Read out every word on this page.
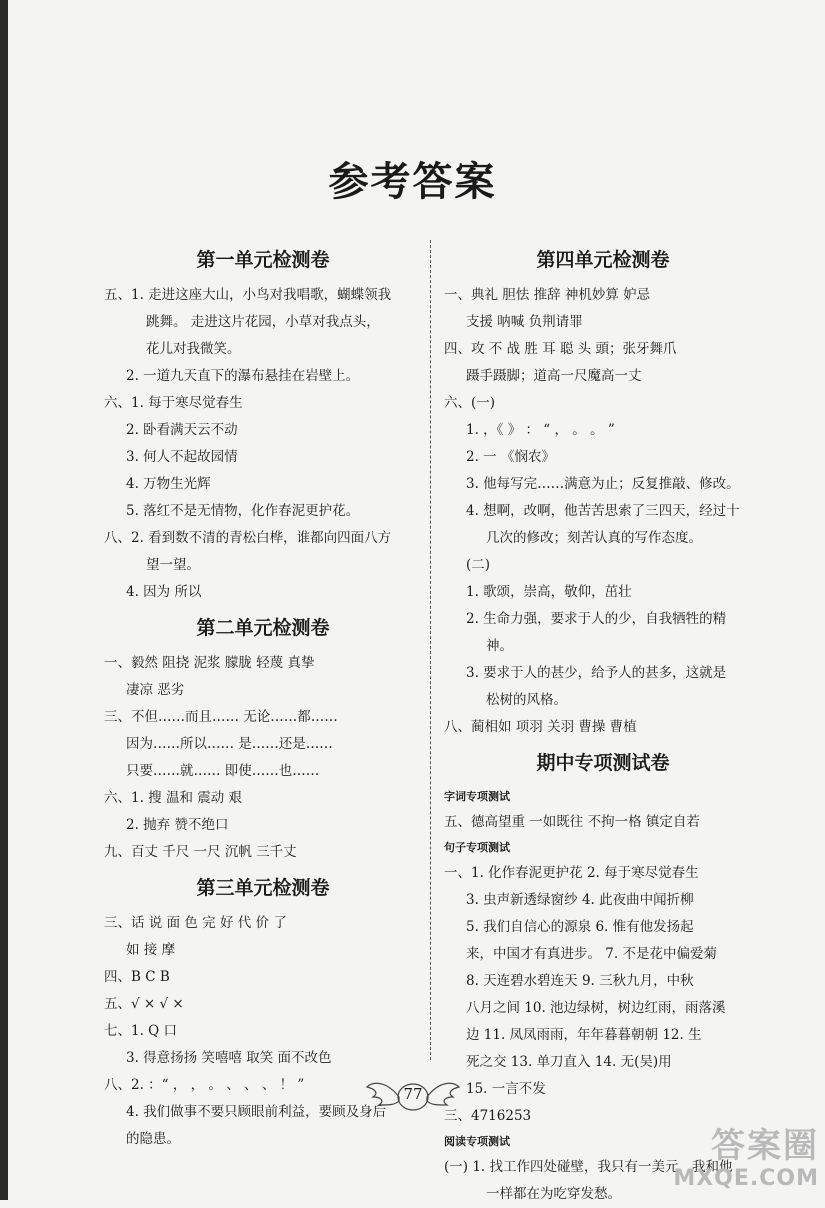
参考答案
第一单元检测卷
五、1. 走进这座大山，小鸟对我唱歌，蝴蝶领我
跳舞。 走进这片花园，小草对我点头，
花儿对我微笑。
2. 一道九天直下的瀑布悬挂在岩壁上。
六、1. 每于寒尽觉春生
2. 卧看满天云不动
3. 何人不起故园情
4. 万物生光辉
5. 落红不是无情物，化作春泥更护花。
八、2. 看到数不清的青松白桦，谁都向四面八方
望一望。
4. 因为 所以
第二单元检测卷
一、毅然 阻挠 泥浆 朦胧 轻蔑 真挚
凄凉 恶劣
三、不但……而且…… 无论……都……
因为……所以…… 是……还是……
只要……就…… 即使……也……
六、1. 搜 温和 震动 艰
2. 抛弃 赞不绝口
九、百丈 千尺 一尺 沉帆 三千丈
第三单元检测卷
三、话 说 面 色 完 好 代 价 了
如 接 摩
四、B C B
五、√ × √ ×
七、1. Q 口
3. 得意扬扬 笑嘻嘻 取笑 面不改色
八、2. ：“ ， ， 。 、 、 、 ！ ”
4. 我们做事不要只顾眼前利益，要顾及身后
的隐患。
第四单元检测卷
一、典礼 胆怯 推辞 神机妙算 妒忌
支援 呐喊 负荆请罪
四、攻 不 战 胜 耳 聪 头 頭；张牙舞爪
蹑手蹑脚；道高一尺魔高一丈
六、(一)
1. ，《 》 ： “ ， 。 。 ”
2. 一 《悯农》
3. 他每写完……满意为止；反复推敲、修改。
4. 想啊，改啊，他苦苦思索了三四天，经过十
几次的修改；刻苦认真的写作态度。
(二)
1. 歌颂，崇高，敬仰，茁壮
2. 生命力强，要求于人的少，自我牺牲的精
神。
3. 要求于人的甚少，给予人的甚多，这就是
松树的风格。
八、蔺相如 项羽 关羽 曹操 曹植
期中专项测试卷
字词专项测试
五、德高望重 一如既往 不拘一格 镇定自若
句子专项测试
一、1. 化作春泥更护花 2. 每于寒尽觉春生
3. 虫声新透绿窗纱 4. 此夜曲中闻折柳
5. 我们自信心的源泉 6. 惟有他发扬起
来，中国才有真进步。 7. 不是花中偏爱菊
8. 天连碧水碧连天 9. 三秋九月，中秋
八月之间 10. 池边绿树，树边红雨，雨落溪
边 11. 凤凤雨雨，年年暮暮朝朝 12. 生
死之交 13. 单刀直入 14. 无(吴)用
15. 一言不发
三、4716253
阅读专项测试
(一) 1. 找工作四处碰壁，我只有一美元，我和他
一样都在为吃穿发愁。
77
答案圈
MXQE.COM
